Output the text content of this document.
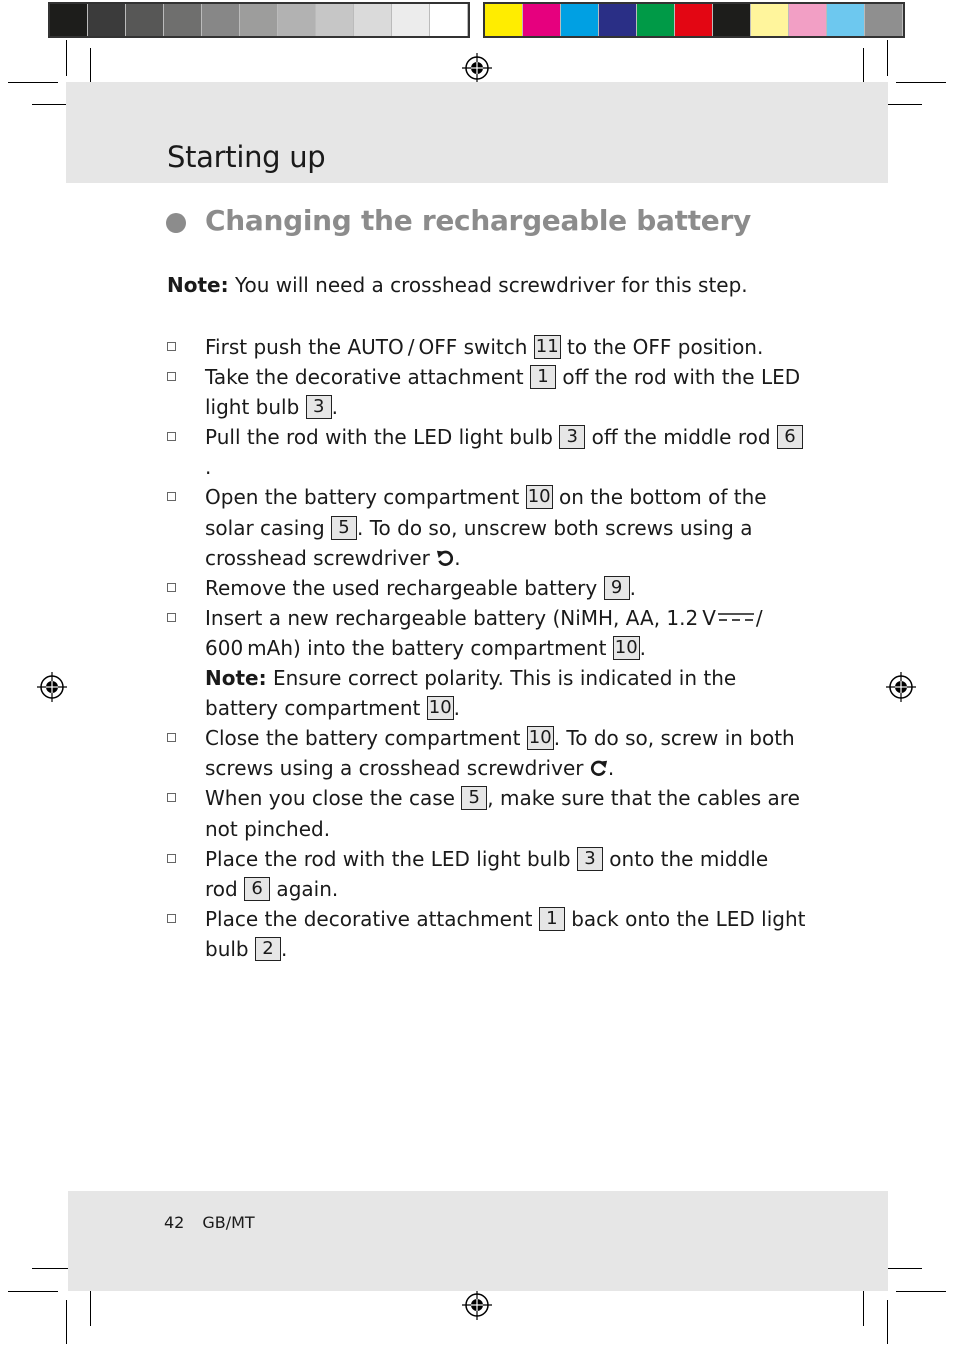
Starting up
Changing the rechargeable battery
Note: You will need a crosshead screwdriver for this step.
First push the AUTO / OFF switch 11 to the OFF position.
Take the decorative attachment 1 off the rod with the LED light bulb 3 .
Pull the rod with the LED light bulb 3 off the middle rod 6.
Open the battery compartment 10 on the bottom of the solar casing 5 . To do so, unscrew both screws using a crosshead screwdriver .
Remove the used rechargeable battery 9 .
Insert a new rechargeable battery (NiMH, AA, 1.2 V / 600 mAh) into the battery compartment 10 .
Note: Ensure correct polarity. This is indicated in the battery compartment 10 .
Close the battery compartment 10 . To do so, screw in both screws using a crosshead screwdriver .
When you close the case 5 , make sure that the cables are not pinched.
Place the rod with the LED light bulb 3 onto the middle rod 6 again.
Place the decorative attachment 1 back onto the LED light bulb 2 .
42 GB/MT
